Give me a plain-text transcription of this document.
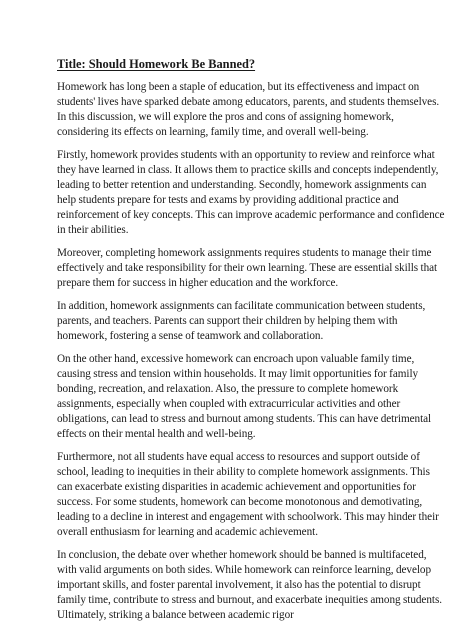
Title: Should Homework Be Banned?

Homework has long been a staple of education, but its effectiveness and impact on students' lives have sparked debate among educators, parents, and students themselves. In this discussion, we will explore the pros and cons of assigning homework, considering its effects on learning, family time, and overall well-being.

Firstly, homework provides students with an opportunity to review and reinforce what they have learned in class. It allows them to practice skills and concepts independently, leading to better retention and understanding. Secondly, homework assignments can help students prepare for tests and exams by providing additional practice and reinforcement of key concepts. This can improve academic performance and confidence in their abilities.

Moreover, completing homework assignments requires students to manage their time effectively and take responsibility for their own learning. These are essential skills that prepare them for success in higher education and the workforce.

In addition, homework assignments can facilitate communication between students, parents, and teachers. Parents can support their children by helping them with homework, fostering a sense of teamwork and collaboration.

On the other hand, excessive homework can encroach upon valuable family time, causing stress and tension within households. It may limit opportunities for family bonding, recreation, and relaxation. Also, the pressure to complete homework assignments, especially when coupled with extracurricular activities and other obligations, can lead to stress and burnout among students. This can have detrimental effects on their mental health and well-being.

Furthermore, not all students have equal access to resources and support outside of school, leading to inequities in their ability to complete homework assignments. This can exacerbate existing disparities in academic achievement and opportunities for success. For some students, homework can become monotonous and demotivating, leading to a decline in interest and engagement with schoolwork. This may hinder their overall enthusiasm for learning and academic achievement.

In conclusion, the debate over whether homework should be banned is multifaceted, with valid arguments on both sides. While homework can reinforce learning, develop important skills, and foster parental involvement, it also has the potential to disrupt family time, contribute to stress and burnout, and exacerbate inequities among students. Ultimately, striking a balance between academic rigor
